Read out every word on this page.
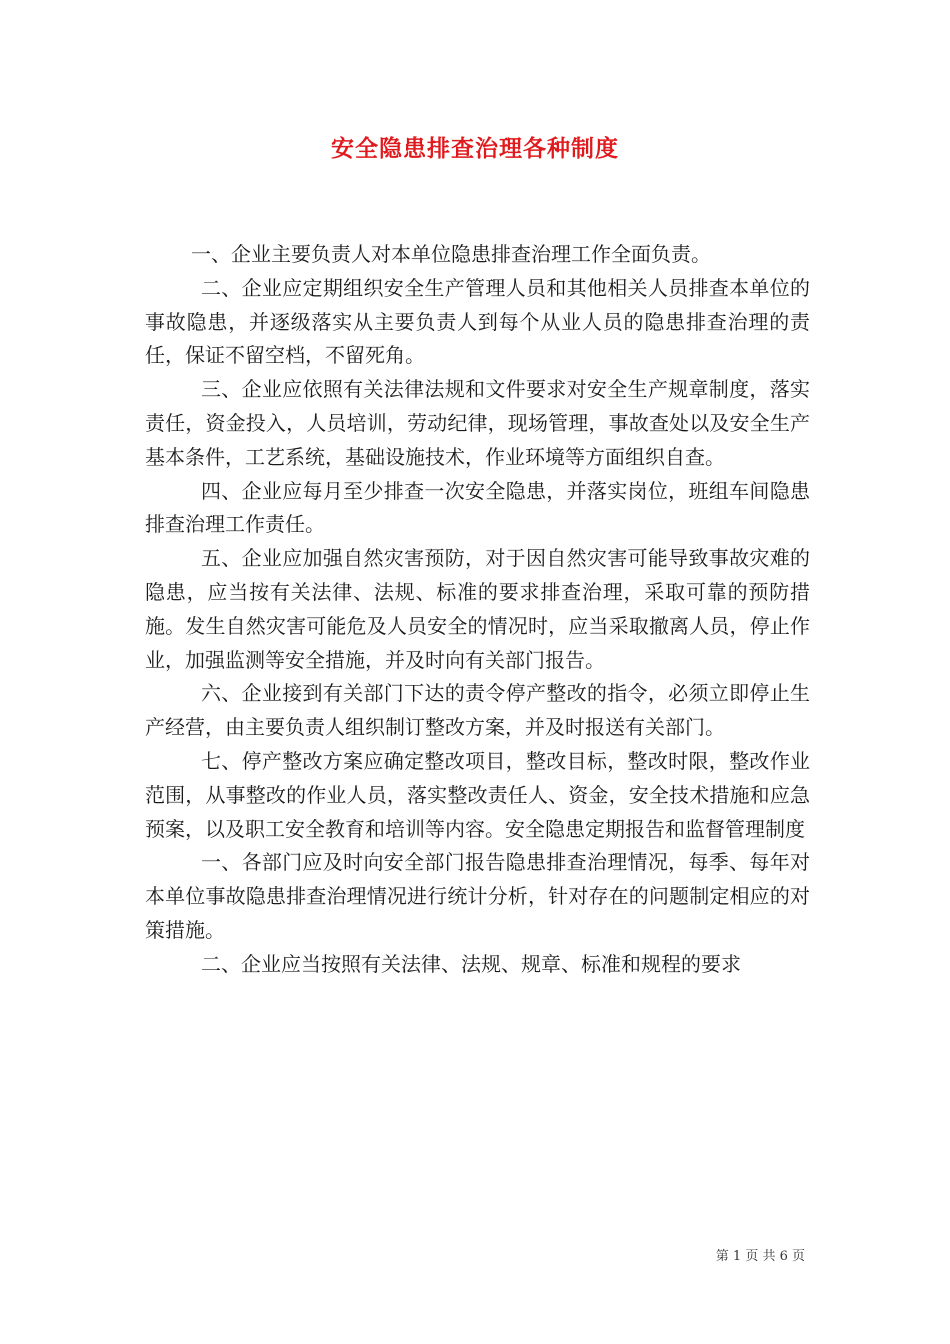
安全隐患排查治理各种制度

一、企业主要负责人对本单位隐患排查治理工作全面负责。

二、企业应定期组织安全生产管理人员和其他相关人员排查本单位的事故隐患，并逐级落实从主要负责人到每个从业人员的隐患排查治理的责任，保证不留空档，不留死角。

三、企业应依照有关法律法规和文件要求对安全生产规章制度，落实责任，资金投入，人员培训，劳动纪律，现场管理，事故查处以及安全生产基本条件，工艺系统，基础设施技术，作业环境等方面组织自查。

四、企业应每月至少排查一次安全隐患，并落实岗位，班组车间隐患排查治理工作责任。

五、企业应加强自然灾害预防，对于因自然灾害可能导致事故灾难的隐患，应当按有关法律、法规、标准的要求排查治理，采取可靠的预防措施。发生自然灾害可能危及人员安全的情况时，应当采取撤离人员，停止作业，加强监测等安全措施，并及时向有关部门报告。

六、企业接到有关部门下达的责令停产整改的指令，必须立即停止生产经营，由主要负责人组织制订整改方案，并及时报送有关部门。

七、停产整改方案应确定整改项目，整改目标，整改时限，整改作业范围，从事整改的作业人员，落实整改责任人、资金，安全技术措施和应急预案，以及职工安全教育和培训等内容。安全隐患定期报告和监督管理制度

一、各部门应及时向安全部门报告隐患排查治理情况，每季、每年对本单位事故隐患排查治理情况进行统计分析，针对存在的问题制定相应的对策措施。

二、企业应当按照有关法律、法规、规章、标准和规程的要求

第 1 页 共 6 页
